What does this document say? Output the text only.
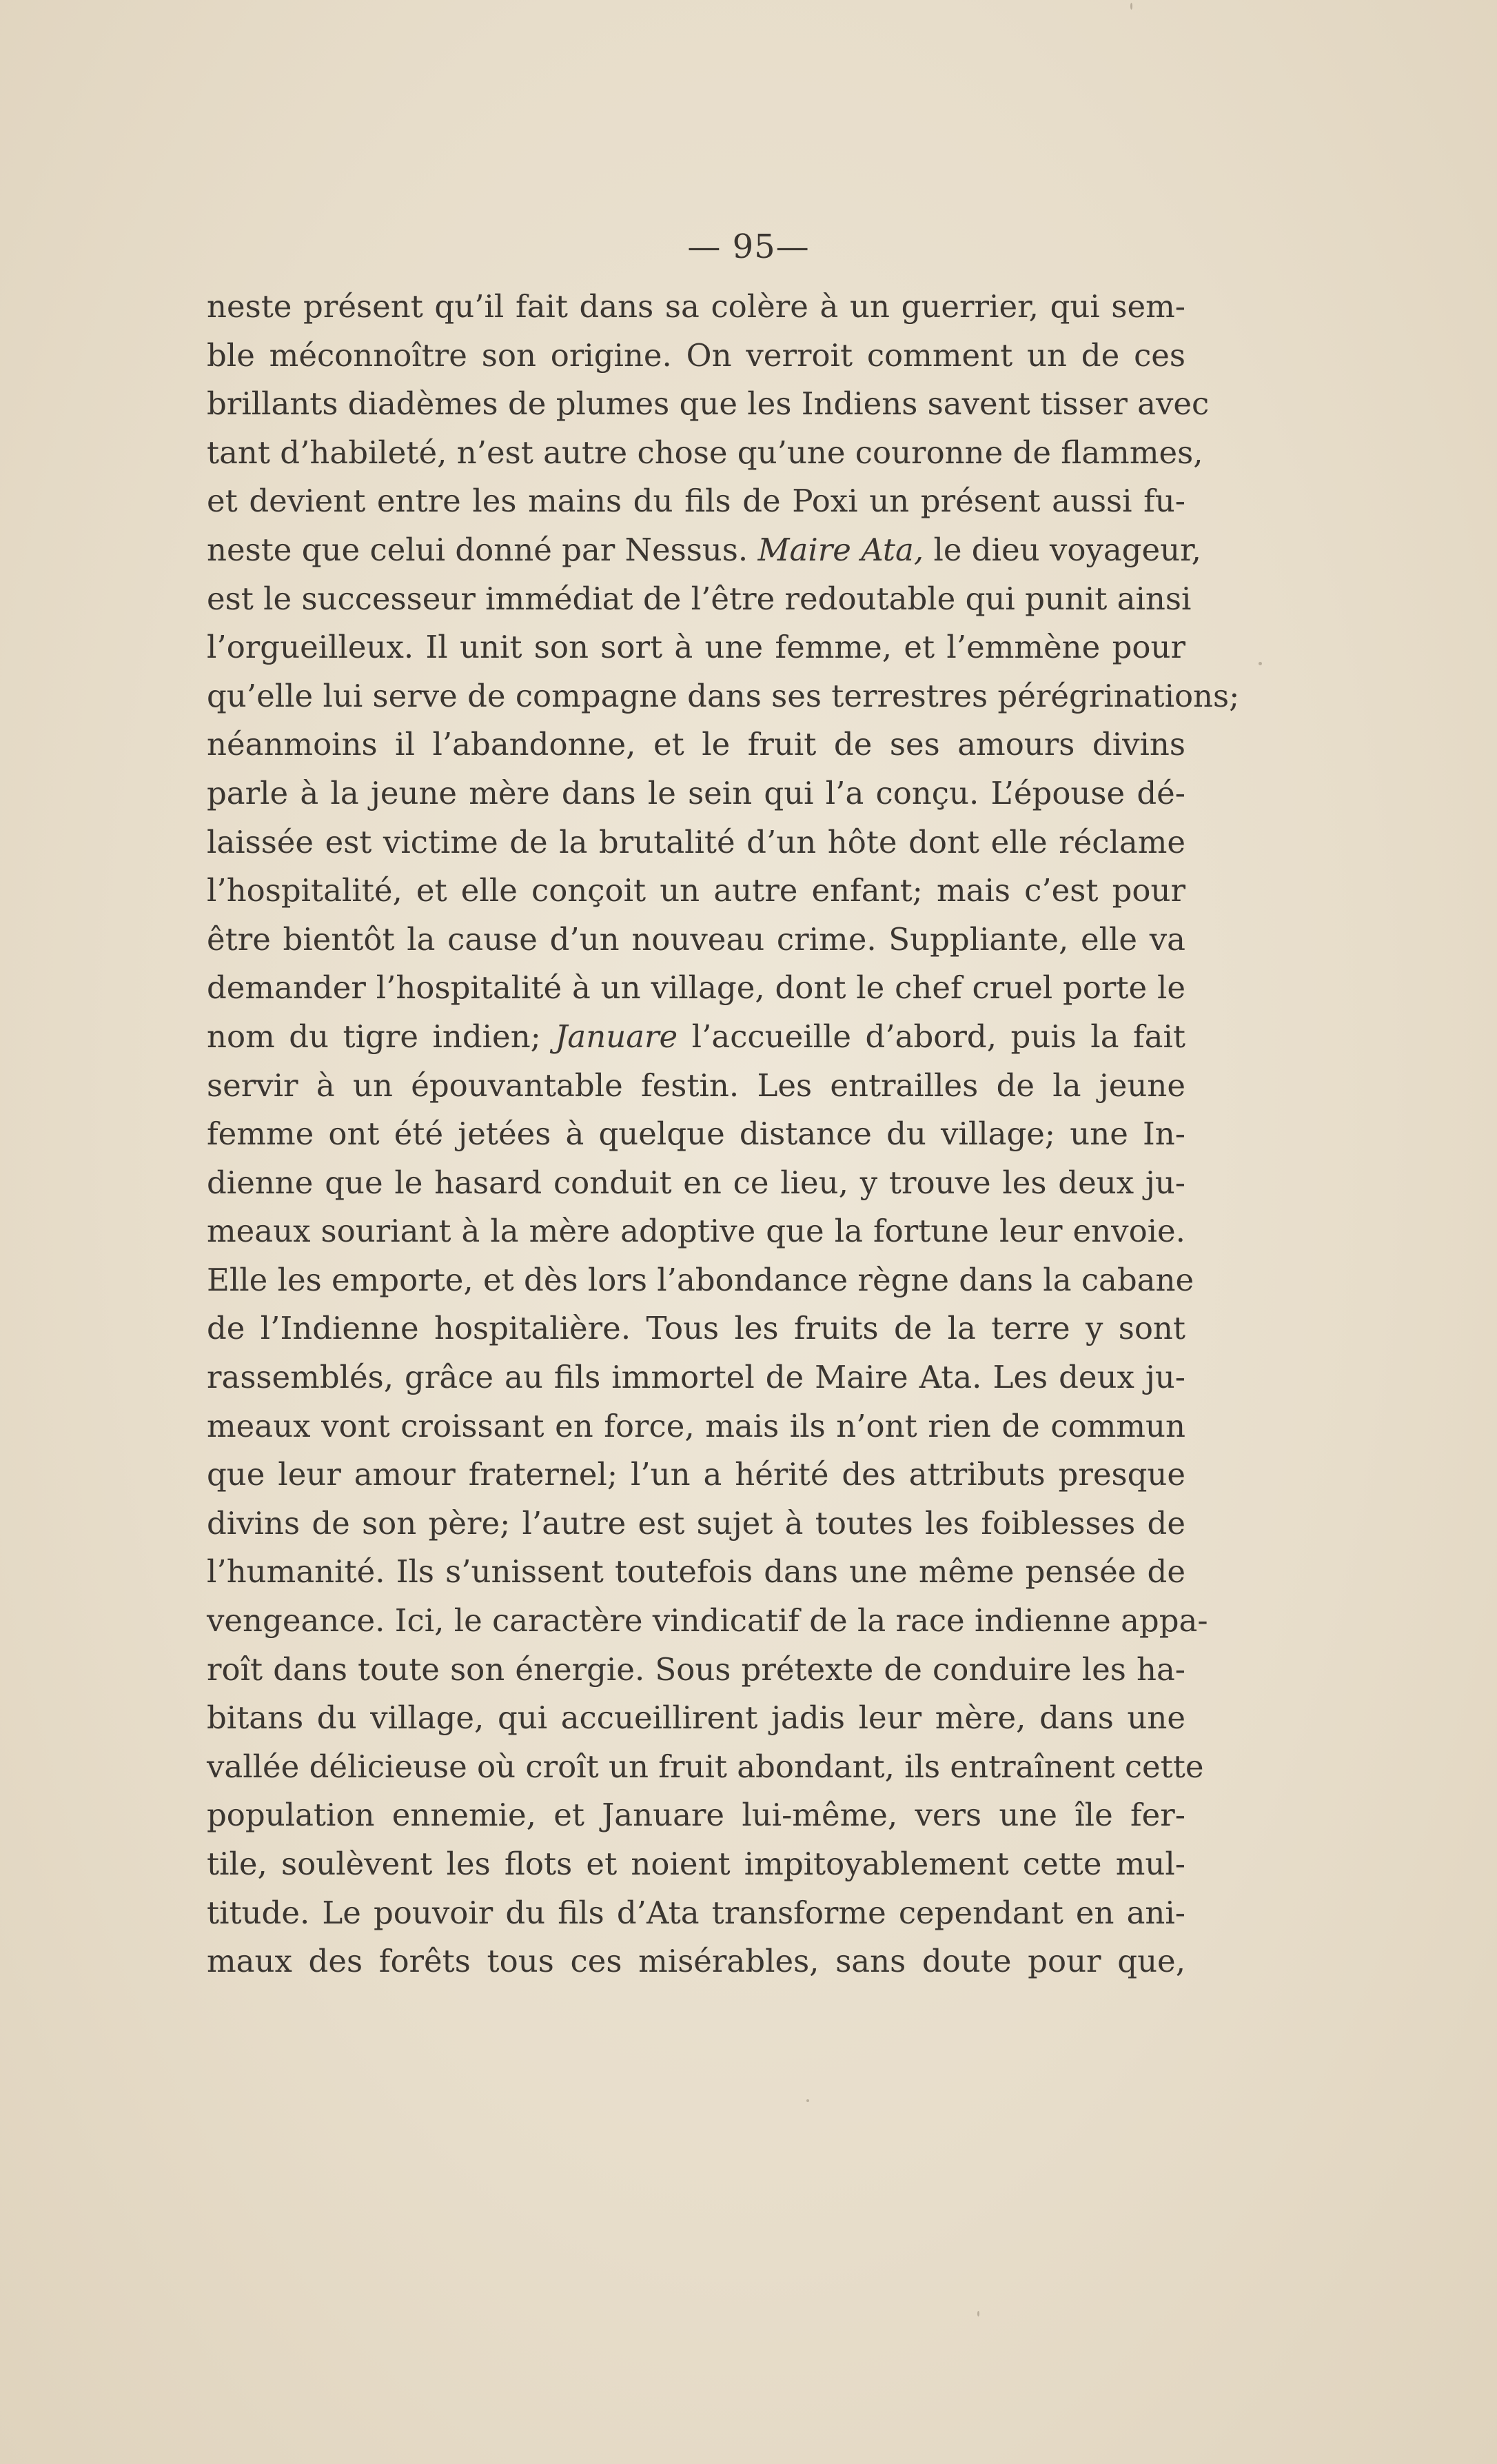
— 95—
neste présent qu’il fait dans sa colère à un guerrier, qui sem-
ble méconnoître son origine. On verroit comment un de ces
brillants diadèmes de plumes que les Indiens savent tisser avec
tant d’habileté, n’est autre chose qu’une couronne de flammes,
et devient entre les mains du fils de Poxi un présent aussi fu-
neste que celui donné par Nessus. Maire Ata, le dieu voyageur,
est le successeur immédiat de l’être redoutable qui punit ainsi
l’orgueilleux. Il unit son sort à une femme, et l’emmène pour
qu’elle lui serve de compagne dans ses terrestres pérégrinations;
néanmoins il l’abandonne, et le fruit de ses amours divins
parle à la jeune mère dans le sein qui l’a conçu. L’épouse dé-
laissée est victime de la brutalité d’un hôte dont elle réclame
l’hospitalité, et elle conçoit un autre enfant; mais c’est pour
être bientôt la cause d’un nouveau crime. Suppliante, elle va
demander l’hospitalité à un village, dont le chef cruel porte le
nom du tigre indien; Januare l’accueille d’abord, puis la fait
servir à un épouvantable festin. Les entrailles de la jeune
femme ont été jetées à quelque distance du village; une In-
dienne que le hasard conduit en ce lieu, y trouve les deux ju-
meaux souriant à la mère adoptive que la fortune leur envoie.
Elle les emporte, et dès lors l’abondance règne dans la cabane
de l’Indienne hospitalière. Tous les fruits de la terre y sont
rassemblés, grâce au fils immortel de Maire Ata. Les deux ju-
meaux vont croissant en force, mais ils n’ont rien de commun
que leur amour fraternel; l’un a hérité des attributs presque
divins de son père; l’autre est sujet à toutes les foiblesses de
l’humanité. Ils s’unissent toutefois dans une même pensée de
vengeance. Ici, le caractère vindicatif de la race indienne appa-
roît dans toute son énergie. Sous prétexte de conduire les ha-
bitans du village, qui accueillirent jadis leur mère, dans une
vallée délicieuse où croît un fruit abondant, ils entraînent cette
population ennemie, et Januare lui-même, vers une île fer-
tile, soulèvent les flots et noient impitoyablement cette mul-
titude. Le pouvoir du fils d’Ata transforme cependant en ani-
maux des forêts tous ces misérables, sans doute pour que,
